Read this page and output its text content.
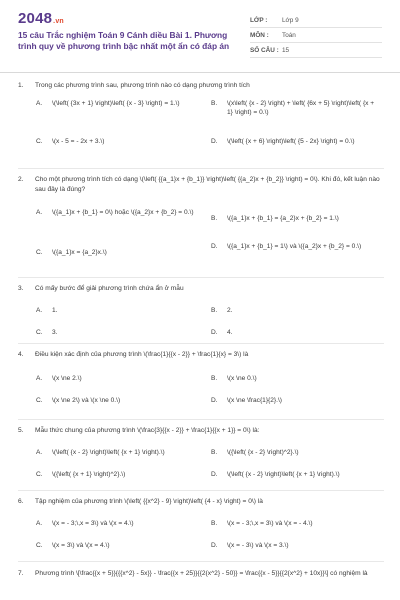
2048.vn
15 câu Trắc nghiệm Toán 9 Cánh diều Bài 1. Phương trình quy về phương trình bậc nhất một ẩn có đáp án
LỚP :	Lớp 9
MÔN :	Toán
SỐ CÂU : 15
1.	Trong các phương trình sau, phương trình nào có dạng phương trình tích
A.	\(\left( {3x + 1} \right)\left( {x - 3} \right) = 1.\)	B.	\(x\left( {x - 2} \right) + \left( {6x + 5} \right)\left( {x + 1} \right) = 0.\)
C.	\(x - 5 = - 2x + 3.\)	D.	\(\left( {x + 6} \right)\left( {5 - 2x} \right) = 0.\)
2.	Cho một phương trình tích có dạng \(\left( {{a_1}x + {b_1}} \right)\left( {{a_2}x + {b_2}} \right) = 0\). Khi đó, kết luận nào sau đây là đúng?
A.	\({a_1}x + {b_1} = 0\) hoặc \({a_2}x + {b_2} = 0.\)
B.	\({a_1}x + {b_1} = {a_2}x + {b_2} = 1.\)
C.	\({a_1}x = {a_2}x.\)
D.	\({a_1}x + {b_1} = 1\) và \({a_2}x + {b_2} = 0.\)
3.	Có mấy bước để giải phương trình chứa ẩn ở mẫu
A.	1.	B.	2.
C.	3.	D.	4.
4.	Điều kiện xác định của phương trình \(\frac{1}{{x - 2}} + \frac{1}{x} = 3\) là
A.	\(x \ne 2.\)	B.	\(x \ne 0.\)
C.	\(x \ne 2\) và \(x \ne 0.\)	D.	\(x \ne \frac{1}{2}.\)
5.	Mẫu thức chung của phương trình \(\frac{3}{{x - 2}} + \frac{1}{{x + 1}} = 0\) là:
A.	\(\left( {x - 2} \right)\left( {x + 1} \right).\)	B.	\({\left( {x - 2} \right)^2}.\)
C.	\({\left( {x + 1} \right)^2}.\)	D.	\(\left( {x - 2} \right)\left( {x + 1} \right).\)
6.	Tập nghiệm của phương trình \(\left( {{x^2} - 9} \right)\left( {4 - x} \right) = 0\) là
A.	\(x = - 3;\,x = 3\) và \(x = 4.\)	B.	\(x = - 3;\,x = 3\) và \(x = - 4.\)
C.	\(x = 3\) và \(x = 4.\)	D.	\(x = - 3\) và \(x = 3.\)
7.	Phương trình \[\frac{{x + 5}}{{{x^2} - 5x}} - \frac{{x + 25}}{{2{x^2} - 50}} = \frac{{x - 5}}{{2{x^2} + 10x}}\] có nghiệm là
